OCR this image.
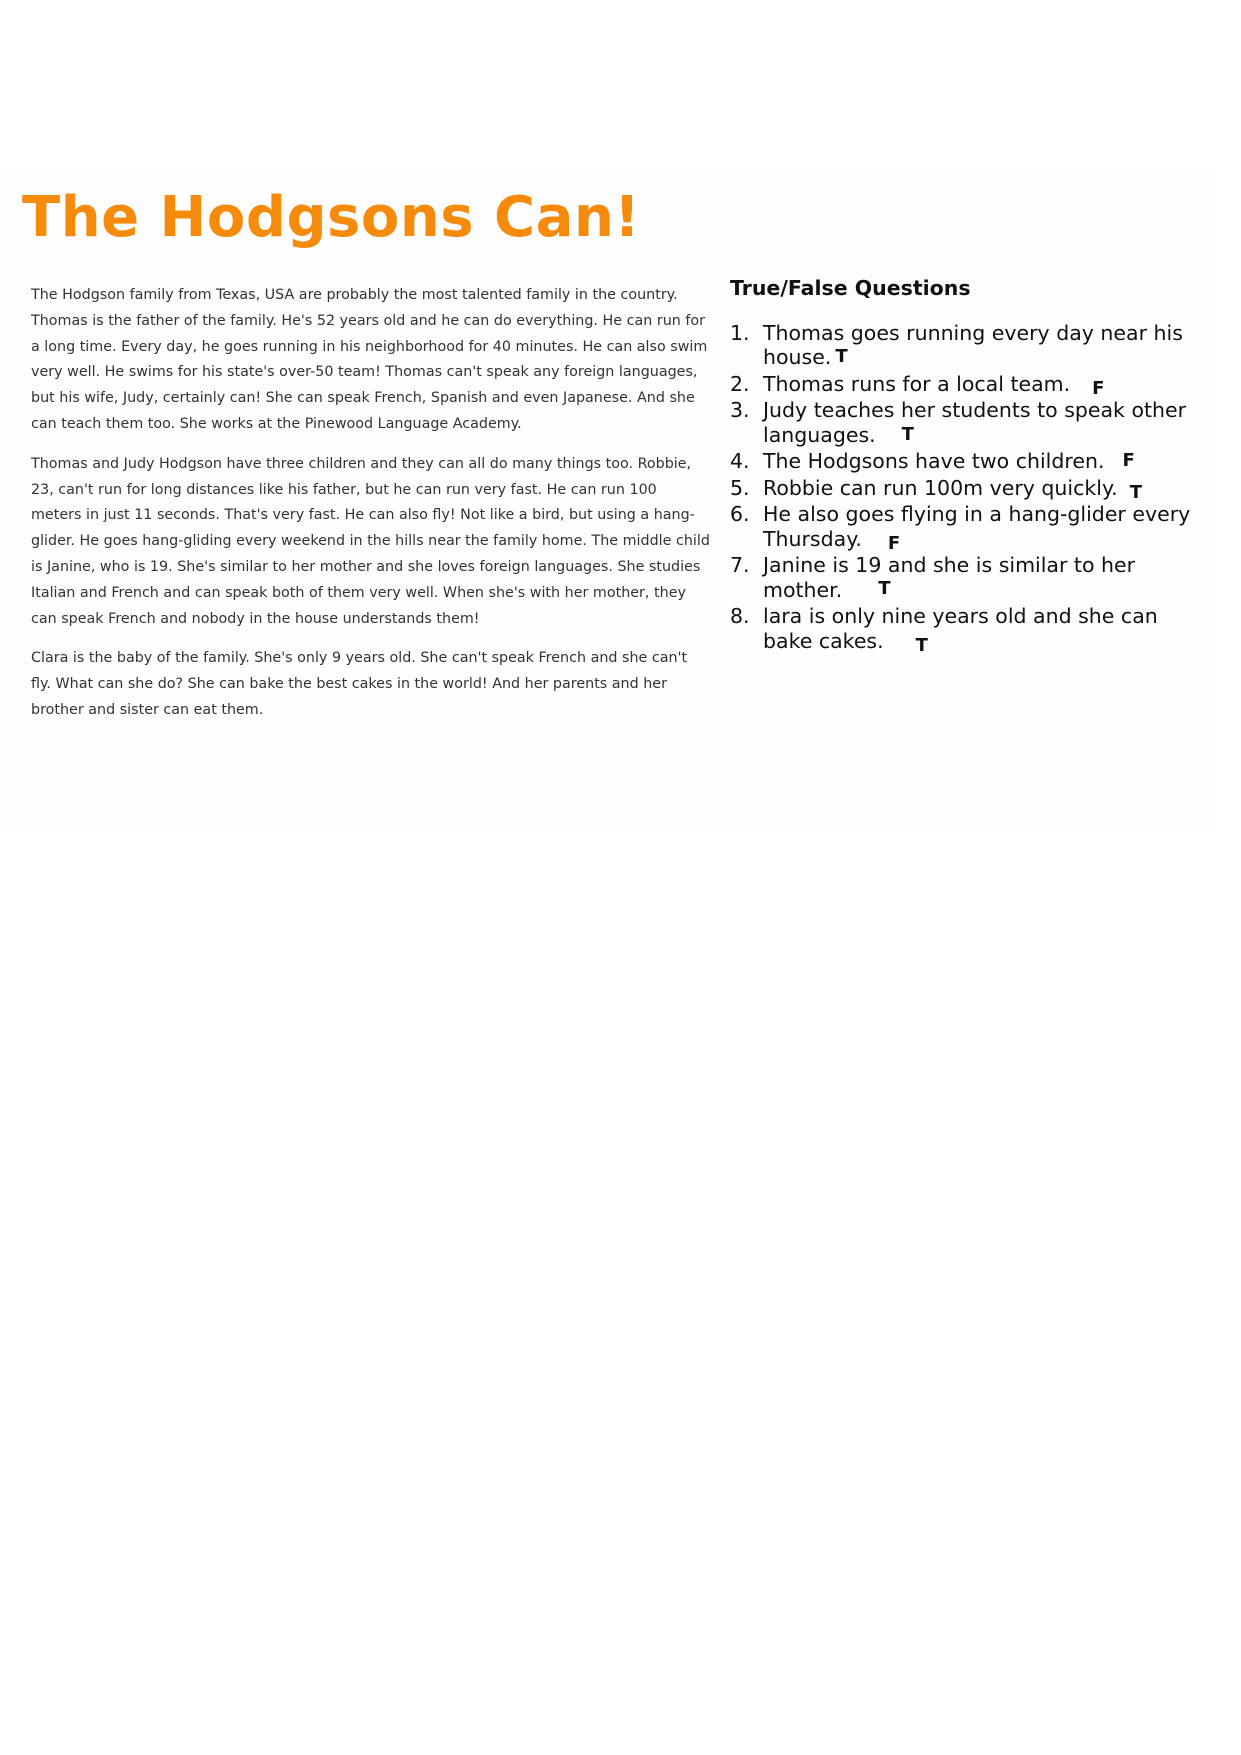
The Hodgsons Can!

The Hodgson family from Texas, USA are probably the most talented family in the country. Thomas is the father of the family. He's 52 years old and he can do everything. He can run for a long time. Every day, he goes running in his neighborhood for 40 minutes. He can also swim very well. He swims for his state's over-50 team! Thomas can't speak any foreign languages, but his wife, Judy, certainly can! She can speak French, Spanish and even Japanese. And she can teach them too. She works at the Pinewood Language Academy.

Thomas and Judy Hodgson have three children and they can all do many things too. Robbie, 23, can't run for long distances like his father, but he can run very fast. He can run 100 meters in just 11 seconds. That's very fast. He can also fly! Not like a bird, but using a hang-glider. He goes hang-gliding every weekend in the hills near the family home. The middle child is Janine, who is 19. She's similar to her mother and she loves foreign languages. She studies Italian and French and can speak both of them very well. When she's with her mother, they can speak French and nobody in the house understands them!

Clara is the baby of the family. She's only 9 years old. She can't speak French and she can't fly. What can she do? She can bake the best cakes in the world! And her parents and her brother and sister can eat them.

True/False Questions
1. Thomas goes running every day near his house. T
2. Thomas runs for a local team. F
3. Judy teaches her students to speak other languages. T
4. The Hodgsons have two children. F
5. Robbie can run 100m very quickly. T
6. He also goes flying in a hang-glider every Thursday. F
7. Janine is 19 and she is similar to her mother. T
8. lara is only nine years old and she can bake cakes. T
